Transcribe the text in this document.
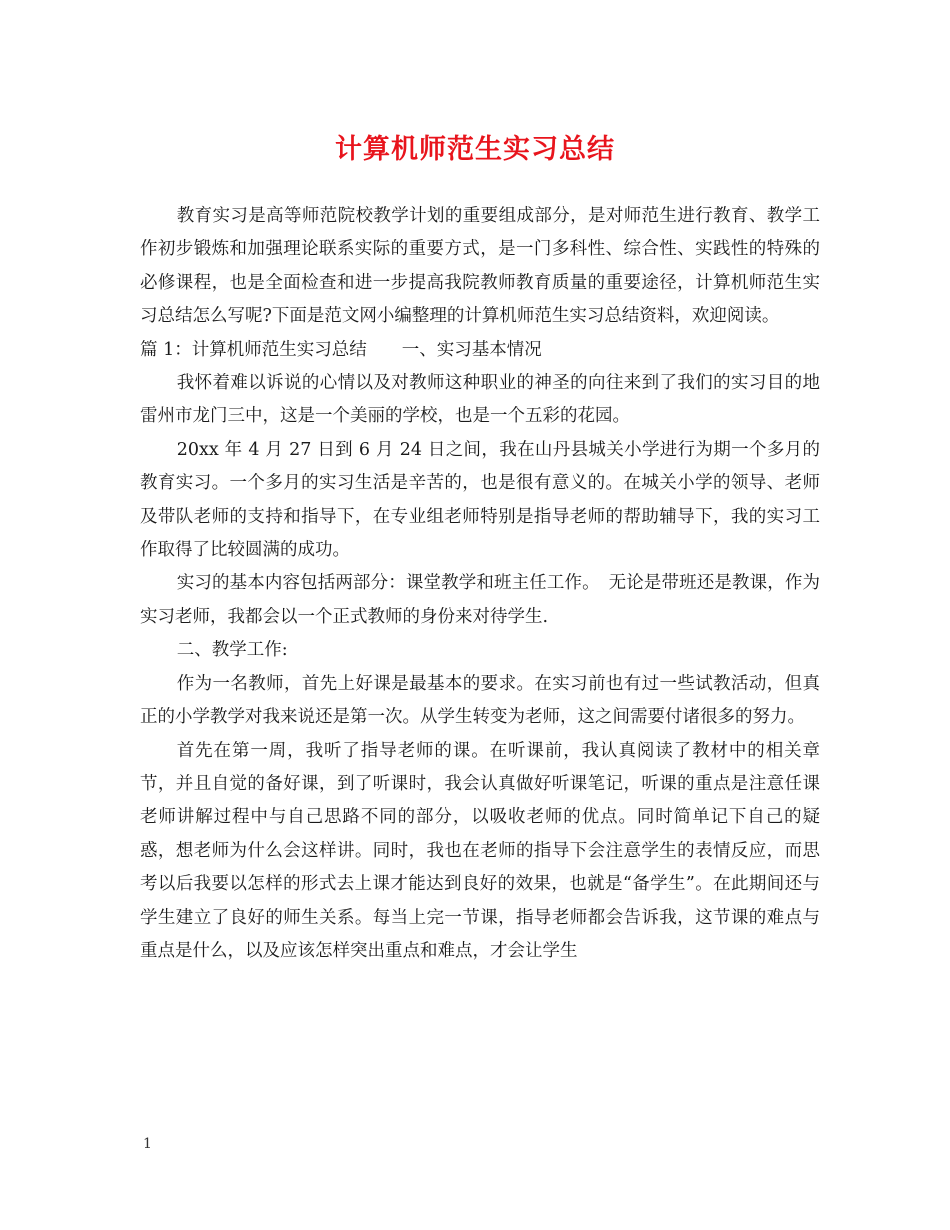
计算机师范生实习总结

教育实习是高等师范院校教学计划的重要组成部分，是对师范生进行教育、教学工作初步锻炼和加强理论联系实际的重要方式，是一门多科性、综合性、实践性的特殊的必修课程，也是全面检查和进一步提高我院教师教育质量的重要途径，计算机师范生实习总结怎么写呢?下面是范文网小编整理的计算机师范生实习总结资料，欢迎阅读。

篇 1：计算机师范生实习总结　　一、实习基本情况

我怀着难以诉说的心情以及对教师这种职业的神圣的向往来到了我们的实习目的地雷州市龙门三中，这是一个美丽的学校，也是一个五彩的花园。

20xx 年 4 月 27 日到 6 月 24 日之间，我在山丹县城关小学进行为期一个多月的教育实习。一个多月的实习生活是辛苦的，也是很有意义的。在城关小学的领导、老师及带队老师的支持和指导下，在专业组老师特别是指导老师的帮助辅导下，我的实习工作取得了比较圆满的成功。

实习的基本内容包括两部分：课堂教学和班主任工作。　无论是带班还是教课，作为实习老师，我都会以一个正式教师的身份来对待学生.

二、教学工作:

作为一名教师，首先上好课是最基本的要求。在实习前也有过一些试教活动，但真正的小学教学对我来说还是第一次。从学生转变为老师，这之间需要付诸很多的努力。

首先在第一周，我听了指导老师的课。在听课前，我认真阅读了教材中的相关章节，并且自觉的备好课，到了听课时，我会认真做好听课笔记，听课的重点是注意任课老师讲解过程中与自己思路不同的部分，以吸收老师的优点。同时简单记下自己的疑惑，想老师为什么会这样讲。同时，我也在老师的指导下会注意学生的表情反应，而思考以后我要以怎样的形式去上课才能达到良好的效果，也就是“备学生”。在此期间还与学生建立了良好的师生关系。每当上完一节课，指导老师都会告诉我，这节课的难点与重点是什么，以及应该怎样突出重点和难点，才会让学生

1
